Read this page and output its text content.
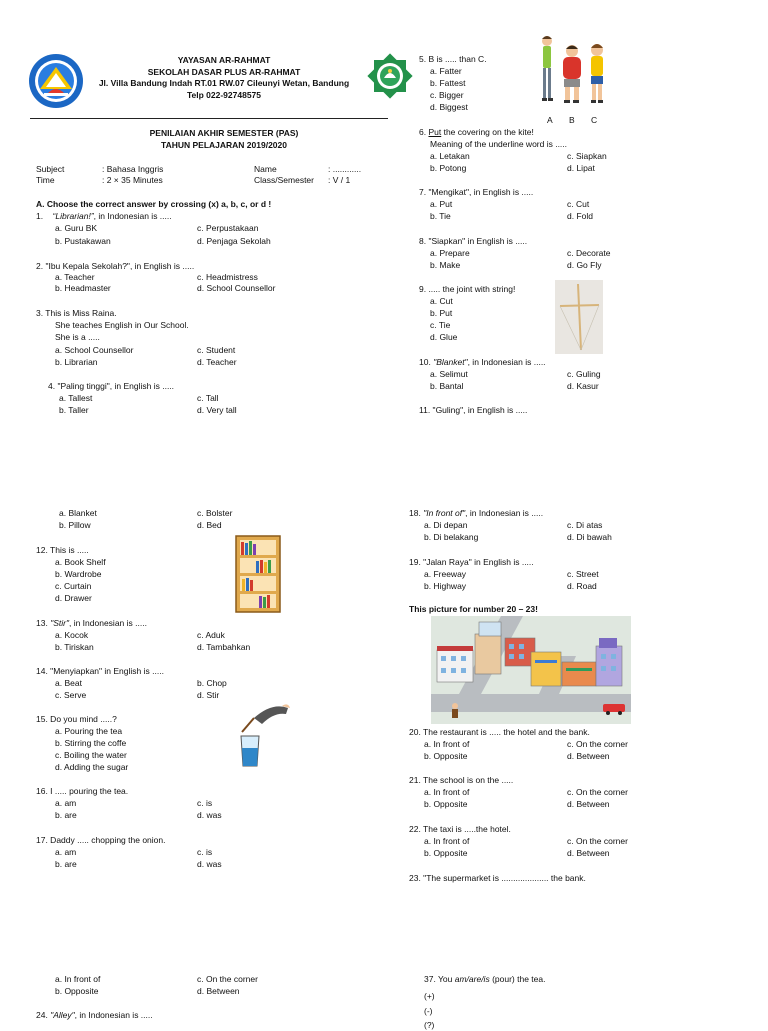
YAYASAN AR-RAHMAT
SEKOLAH DASAR PLUS AR-RAHMAT
Jl. Villa Bandung Indah RT.01 RW.07 Cileunyi Wetan, Bandung
Telp 022-92748575
PENILAIAN AKHIR SEMESTER (PAS)
TAHUN PELAJARAN 2019/2020
Subject	: Bahasa Inggris
Time	: 2 × 35 Minutes
Name	: ............
Class/Semester : V / 1
A. Choose the correct answer by crossing (x) a, b, c, or d !
1. “Librarian!”, in Indonesian is .....
a. Guru BK
b. Pustakawan
c. Perpustakaan
d. Penjaga Sekolah
2. "Ibu Kepala Sekolah?", in English is .....
a. Teacher
b. Headmaster
c. Headmistress
d. School Counsellor
3. This is Miss Raina.
She teaches English in Our School.
She is a .....
a. School Counsellor
b. Librarian
c. Student
d. Teacher
4. "Paling tinggi", in English is .....
a. Tallest
b. Taller
c. Tall
d. Very tall
5. B is ..... than C.
a. Fatter
b. Fattest
c. Bigger
d. Biggest
A B C
6. Put the covering on the kite!
Meaning of the underline word is .....
a. Letakan
b. Potong
c. Siapkan
d. Lipat
7. "Mengikat", in English is .....
a. Put
b. Tie
c. Cut
d. Fold
8. "Siapkan" in English is .....
a. Prepare
b. Make
c. Decorate
d. Go Fly
9. ..... the joint with string!
a. Cut
b. Put
c. Tie
d. Glue
10. "Blanket", in Indonesian is .....
a. Selimut
b. Bantal
c. Guling
d. Kasur
11. "Guling", in English is .....
a. Blanket
b. Pillow
c. Bolster
d. Bed
12. This is .....
a. Book Shelf
b. Wardrobe
c. Curtain
d. Drawer
13. "Stir", in Indonesian is .....
a. Kocok
b. Tiriskan
c. Aduk
d. Tambahkan
14. "Menyiapkan" in English is .....
a. Beat
c. Serve
b. Chop
d. Stir
15. Do you mind .....?
a. Pouring the tea
b. Stirring the coffe
c. Boiling the water
d. Adding the sugar
16. I ..... pouring the tea.
a. am
b. are
c. is
d. was
17. Daddy ..... chopping the onion.
a. am
b. are
c. is
d. was
18. "In front of", in Indonesian is .....
a. Di depan
b. Di belakang
c. Di atas
d. Di bawah
19. "Jalan Raya" in English is .....
a. Freeway
b. Highway
c. Street
d. Road
This picture for number 20 – 23!
20. The restaurant is ..... the hotel and the bank.
a. In front of
b. Opposite
c. On the corner
d. Between
21. The school is on the .....
a. In front of
b. Opposite
c. On the corner
d. Between
22. The taxi is .....the hotel.
a. In front of
b. Opposite
c. On the corner
d. Between
23. "The supermarket is .................... the bank.
a. In front of
b. Opposite
c. On the corner
d. Between
24. "Alley", in Indonesian is .....
37. You am/are/is (pour) the tea.
(+)
(-)
(?)
